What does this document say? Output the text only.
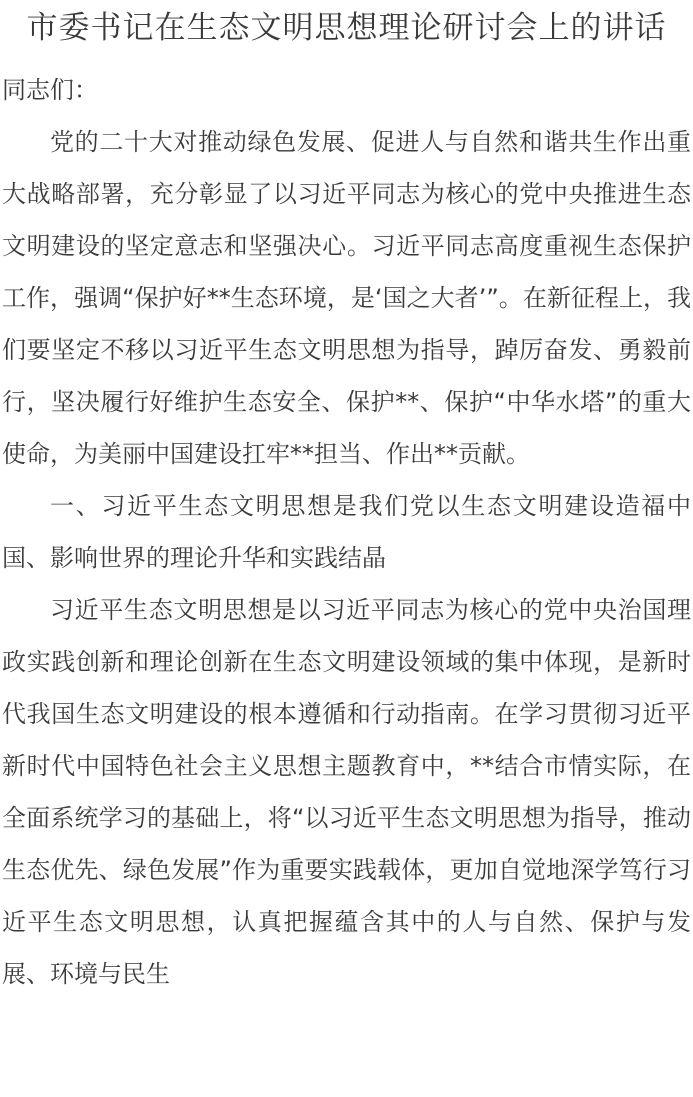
市委书记在生态文明思想理论研讨会上的讲话

同志们：

党的二十大对推动绿色发展、促进人与自然和谐共生作出重大战略部署，充分彰显了以习近平同志为核心的党中央推进生态文明建设的坚定意志和坚强决心。习近平同志高度重视生态保护工作，强调“保护好**生态环境，是‘国之大者’”。在新征程上，我们要坚定不移以习近平生态文明思想为指导，踔厉奋发、勇毅前行，坚决履行好维护生态安全、保护**、保护“中华水塔”的重大使命，为美丽中国建设扛牢**担当、作出**贡献。

一、习近平生态文明思想是我们党以生态文明建设造福中国、影响世界的理论升华和实践结晶

习近平生态文明思想是以习近平同志为核心的党中央治国理政实践创新和理论创新在生态文明建设领域的集中体现，是新时代我国生态文明建设的根本遵循和行动指南。在学习贯彻习近平新时代中国特色社会主义思想主题教育中，**结合市情实际，在全面系统学习的基础上，将“以习近平生态文明思想为指导，推动生态优先、绿色发展”作为重要实践载体，更加自觉地深学笃行习近平生态文明思想，认真把握蕴含其中的人与自然、保护与发展、环境与民生
